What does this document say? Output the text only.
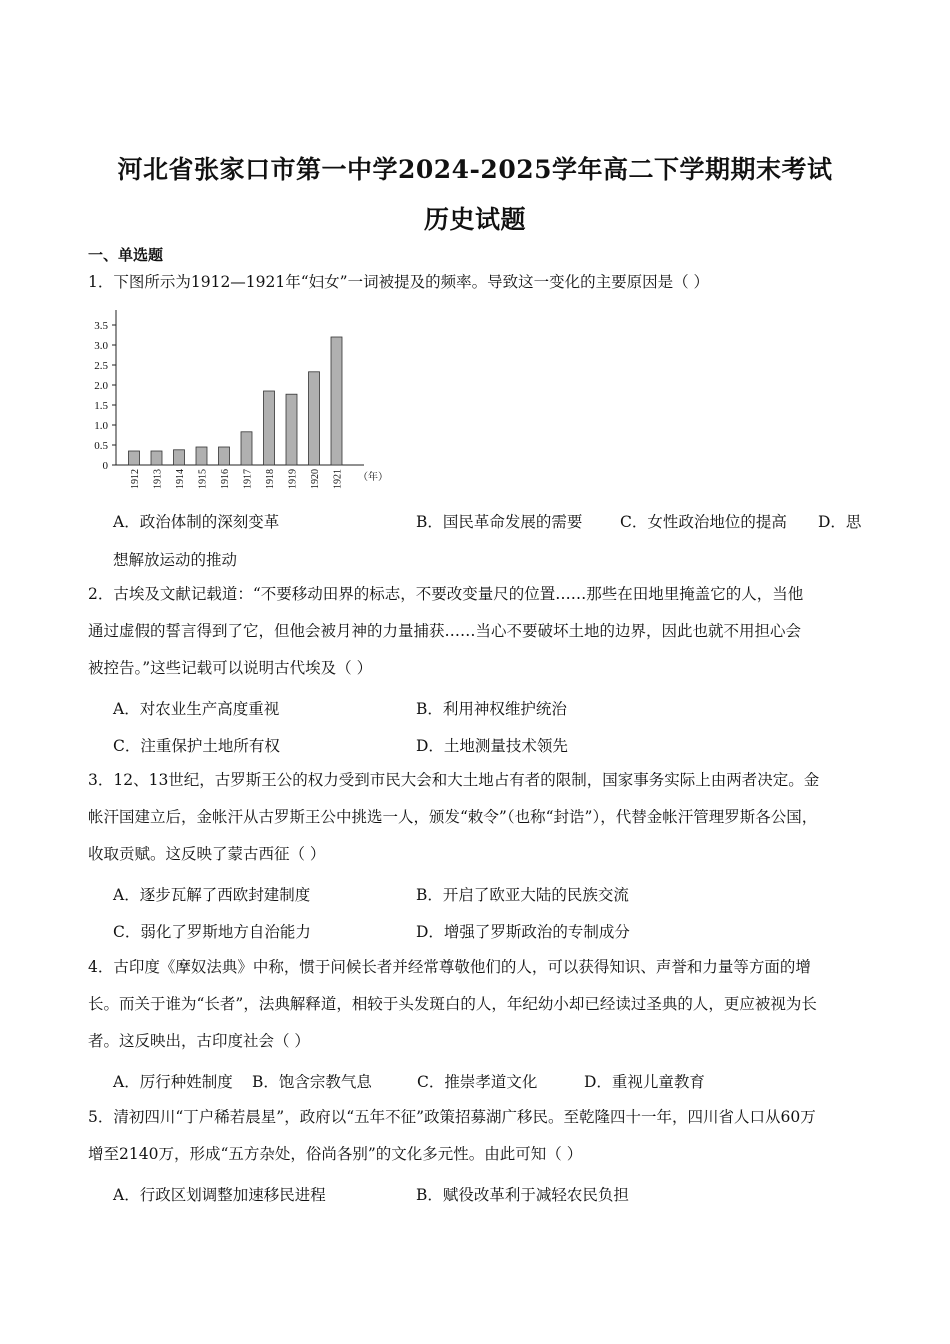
河北省张家口市第一中学2024-2025学年高二下学期期末考试
历史试题
一、单选题
1．下图所示为1912—1921年“妇女”一词被提及的频率。导致这一变化的主要原因是（ ）
0
0.5
1.0
1.5
2.0
2.5
3.0
3.5
1912 1913 1914 1915 1916 1917 1918 1919 1920 1921 （年）
A．政治体制的深刻变革	B．国民革命发展的需要 C．女性政治地位的提高 D．思
想解放运动的推动
2．古埃及文献记载道：“不要移动田界的标志，不要改变量尺的位置……那些在田地里掩盖它的人，当他
通过虚假的誓言得到了它，但他会被月神的力量捕获……当心不要破坏土地的边界，因此也就不用担心会
被控告。”这些记载可以说明古代埃及（ ）
A．对农业生产高度重视	B．利用神权维护统治
C．注重保护土地所有权	D．土地测量技术领先
3．12、13世纪，古罗斯王公的权力受到市民大会和大土地占有者的限制，国家事务实际上由两者决定。金
帐汗国建立后，金帐汗从古罗斯王公中挑选一人，颁发“敕令”（也称“封诰”），代替金帐汗管理罗斯各公国，
收取贡赋。这反映了蒙古西征（ ）
A．逐步瓦解了西欧封建制度	B．开启了欧亚大陆的民族交流
C．弱化了罗斯地方自治能力	D．增强了罗斯政治的专制成分
4．古印度《摩奴法典》中称，惯于问候长者并经常尊敬他们的人，可以获得知识、声誉和力量等方面的增
长。而关于谁为“长者”，法典解释道，相较于头发斑白的人，年纪幼小却已经读过圣典的人，更应被视为长
者。这反映出，古印度社会（ ）
A．厉行种姓制度 B．饱含宗教气息	C．推崇孝道文化	D．重视儿童教育
5．清初四川“丁户稀若晨星”，政府以“五年不征”政策招募湖广移民。至乾隆四十一年，四川省人口从60万
增至2140万，形成“五方杂处，俗尚各别”的文化多元性。由此可知（ ）
A．行政区划调整加速移民进程	B．赋役改革利于减轻农民负担
